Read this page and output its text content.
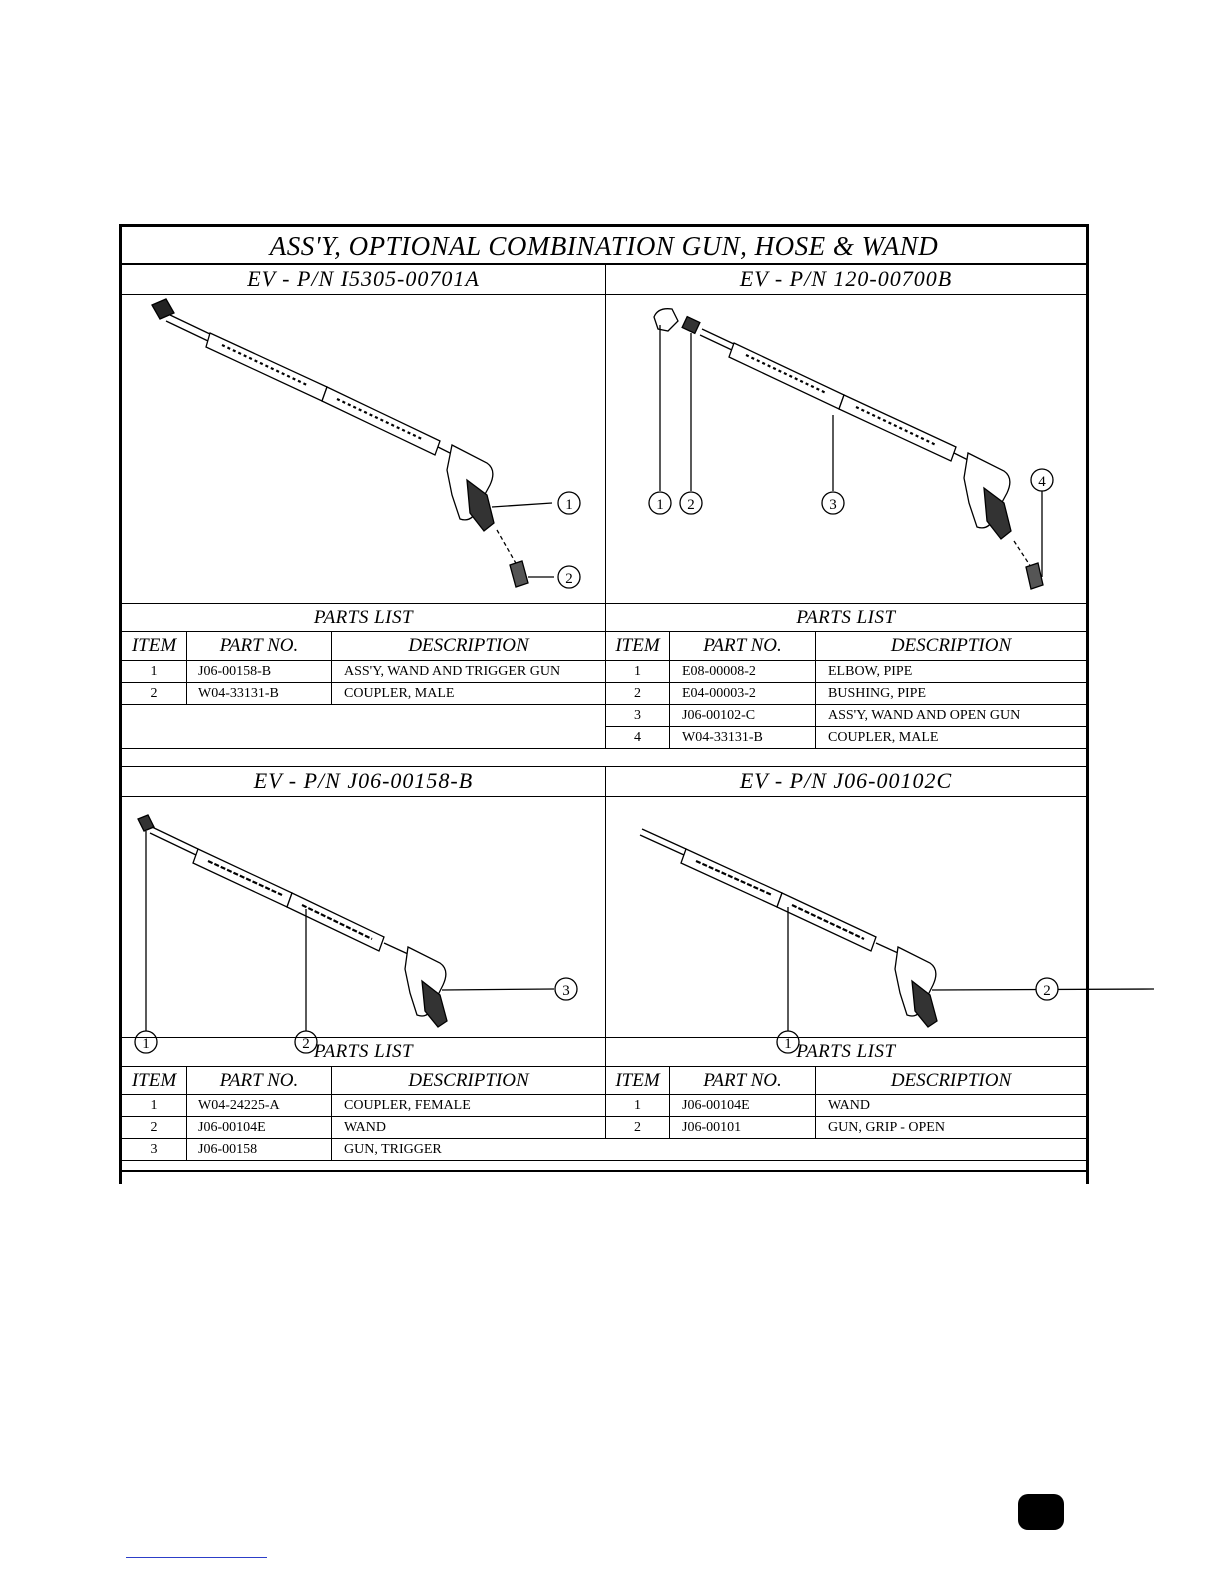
ASS'Y, OPTIONAL COMBINATION GUN, HOSE & WAND
EV - P/N I5305-00701A	EV - P/N 120-00700B
1
2
1 2	3
4
PARTS LIST	PARTS LIST
ITEM	PART NO.	DESCRIPTION	ITEM	PART NO.	DESCRIPTION
1	J06-00158-B	ASS'Y, WAND AND TRIGGER GUN
2	W04-33131-B	COUPLER, MALE
1	E08-00008-2	ELBOW, PIPE
2	E04-00003-2	BUSHING, PIPE
3	J06-00102-C	ASS'Y, WAND AND OPEN GUN
4	W04-33131-B	COUPLER, MALE
EV - P/N J06-00158-B	EV - P/N J06-00102C
1	2
3
1
2
PARTS LIST	PARTS LIST
ITEM	PART NO.	DESCRIPTION	ITEM	PART NO.	DESCRIPTION
1	W04-24225-A	COUPLER, FEMALE
2	J06-00104E	WAND
3	J06-00158	GUN, TRIGGER
1	J06-00104E	WAND
2	J06-00101	GUN, GRIP - OPEN
